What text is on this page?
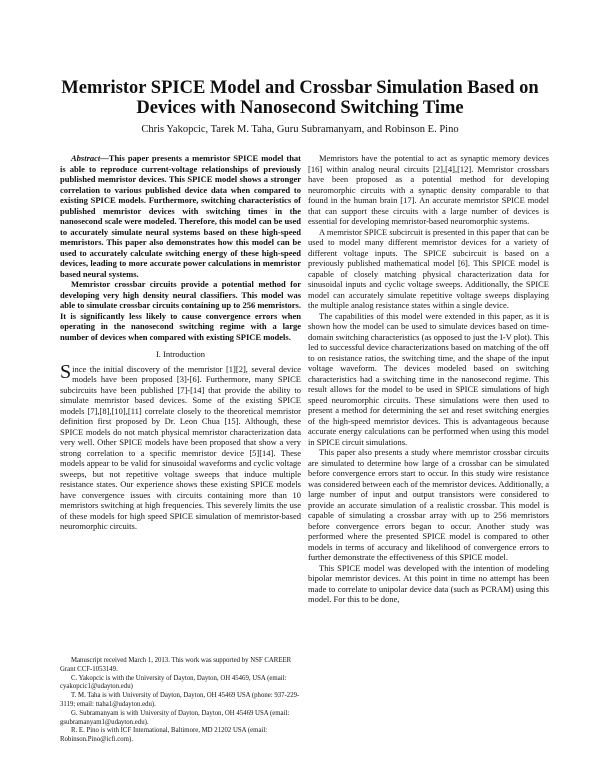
Memristor SPICE Model and Crossbar Simulation Based on Devices with Nanosecond Switching Time
Chris Yakopcic, Tarek M. Taha, Guru Subramanyam, and Robinson E. Pino

Abstract—This paper presents a memristor SPICE model that is able to reproduce current-voltage relationships of previously published memristor devices. This SPICE model shows a stronger correlation to various published device data when compared to existing SPICE models. Furthermore, switching characteristics of published memristor devices with switching times in the nanosecond scale were modeled. Therefore, this model can be used to accurately simulate neural systems based on these high-speed memristors. This paper also demonstrates how this model can be used to accurately calculate switching energy of these high-speed devices, leading to more accurate power calculations in memristor based neural systems.

Memristor crossbar circuits provide a potential method for developing very high density neural classifiers. This model was able to simulate crossbar circuits containing up to 256 memristors. It is significantly less likely to cause convergence errors when operating in the nanosecond switching regime with a large number of devices when compared with existing SPICE models.

I. Introduction

Since the initial discovery of the memristor [1][2], several device models have been proposed [3]-[6]. Furthermore, many SPICE subcircuits have been published [7]-[14] that provide the ability to simulate memristor based devices. Some of the existing SPICE models [7],[8],[10],[11] correlate closely to the theoretical memristor definition first proposed by Dr. Leon Chua [15]. Although, these SPICE models do not match physical memristor characterization data very well. Other SPICE models have been proposed that show a very strong correlation to a specific memristor device [5][14]. These models appear to be valid for sinusoidal waveforms and cyclic voltage sweeps, but not repetitive voltage sweeps that induce multiple resistance states. Our experience shows these existing SPICE models have convergence issues with circuits containing more than 10 memristors switching at high frequencies. This severely limits the use of these models for high speed SPICE simulation of memristor-based neuromorphic circuits.

Manuscript received March 1, 2013. This work was supported by NSF CAREER Grant CCF-1053149.

C. Yakopcic is with the University of Dayton, Dayton, OH 45469, USA (email: cyakopcic1@udayton.edu)

T. M. Taha is with University of Dayton, Dayton, OH 45469 USA (phone: 937-229-3119; email: ttaha1@udayton.edu).

G. Subramanyam is with University of Dayton, Dayton, OH 45469 USA (email: gsubramanyam1@udayton.edu).

R. E. Pino is with ICF International, Baltimore, MD 21202 USA (email: Robinson.Pino@icfi.com).

Memristors have the potential to act as synaptic memory devices [16] within analog neural circuits [2],[4],[12]. Memristor crossbars have been proposed as a potential method for developing neuromorphic circuits with a synaptic density comparable to that found in the human brain [17]. An accurate memristor SPICE model that can support these circuits with a large number of devices is essential for developing memristor-based neuromorphic systems.

A memristor SPICE subcircuit is presented in this paper that can be used to model many different memristor devices for a variety of different voltage inputs. The SPICE subcircuit is based on a previously published mathematical model [6]. This SPICE model is capable of closely matching physical characterization data for sinusoidal inputs and cyclic voltage sweeps. Additionally, the SPICE model can accurately simulate repetitive voltage sweeps displaying the multiple analog resistance states within a single device.

The capabilities of this model were extended in this paper, as it is shown how the model can be used to simulate devices based on time-domain switching characteristics (as opposed to just the I-V plot). This led to successful device characterizations based on matching of the off to on resistance ratios, the switching time, and the shape of the input voltage waveform. The devices modeled based on switching characteristics had a switching time in the nanosecond regime. This result allows for the model to be used in SPICE simulations of high speed neuromorphic circuits. These simulations were then used to present a method for determining the set and reset switching energies of the high-speed memristor devices. This is advantageous because accurate energy calculations can be performed when using this model in SPICE circuit simulations.

This paper also presents a study where memristor crossbar circuits are simulated to determine how large of a crossbar can be simulated before convergence errors start to occur. In this study wire resistance was considered between each of the memristor devices. Additionally, a large number of input and output transistors were considered to provide an accurate simulation of a realistic crossbar. This model is capable of simulating a crossbar array with up to 256 memristors before convergence errors began to occur. Another study was performed where the presented SPICE model is compared to other models in terms of accuracy and likelihood of convergence errors to further demonstrate the effectiveness of this SPICE model.

This SPICE model was developed with the intention of modeling bipolar memristor devices. At this point in time no attempt has been made to correlate to unipolar device data (such as PCRAM) using this model. For this to be done,
